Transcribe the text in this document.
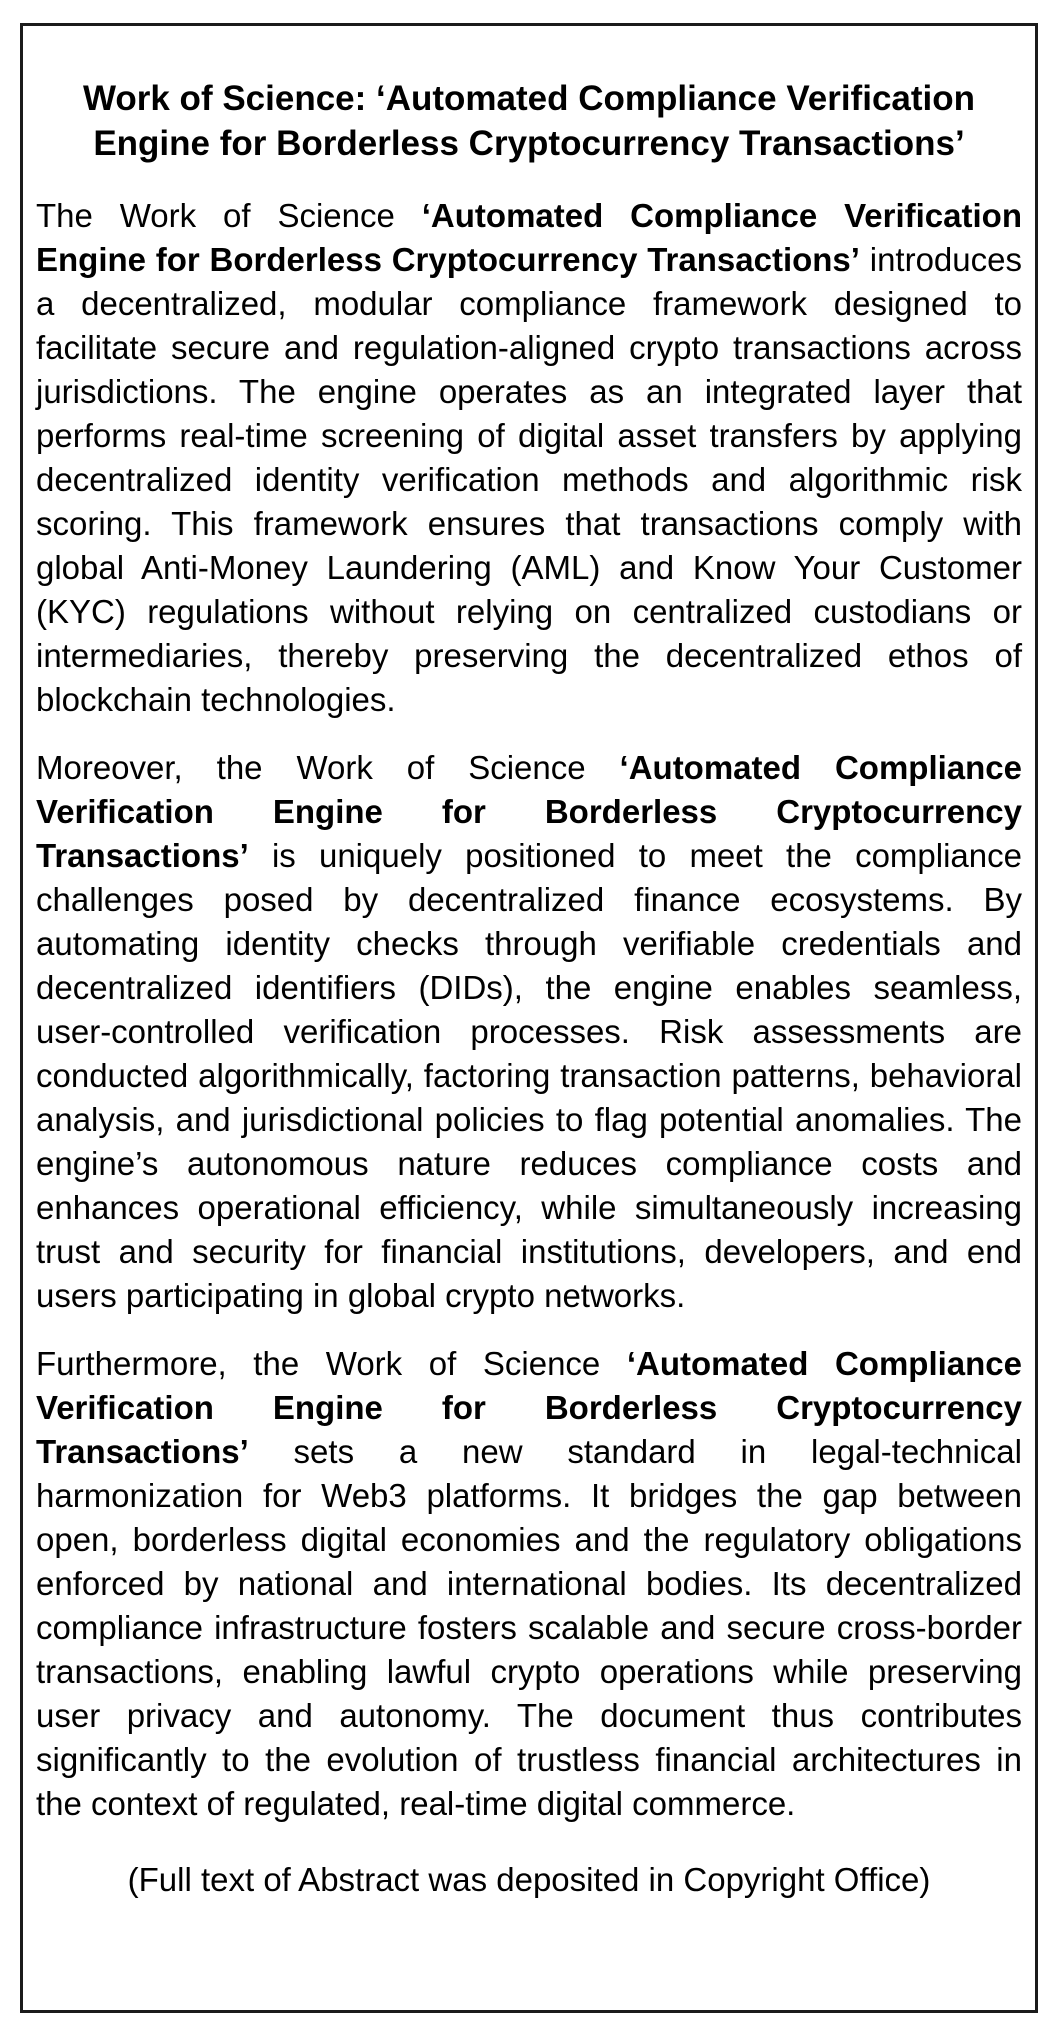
Work of Science: ‘Automated Compliance Verification Engine for Borderless Cryptocurrency Transactions’

The Work of Science ‘Automated Compliance Verification Engine for Borderless Cryptocurrency Transactions’ introduces a decentralized, modular compliance framework designed to facilitate secure and regulation-aligned crypto transactions across jurisdictions. The engine operates as an integrated layer that performs real-time screening of digital asset transfers by applying decentralized identity verification methods and algorithmic risk scoring. This framework ensures that transactions comply with global Anti-Money Laundering (AML) and Know Your Customer (KYC) regulations without relying on centralized custodians or intermediaries, thereby preserving the decentralized ethos of blockchain technologies.

Moreover, the Work of Science ‘Automated Compliance Verification Engine for Borderless Cryptocurrency Transactions’ is uniquely positioned to meet the compliance challenges posed by decentralized finance ecosystems. By automating identity checks through verifiable credentials and decentralized identifiers (DIDs), the engine enables seamless, user-controlled verification processes. Risk assessments are conducted algorithmically, factoring transaction patterns, behavioral analysis, and jurisdictional policies to flag potential anomalies. The engine’s autonomous nature reduces compliance costs and enhances operational efficiency, while simultaneously increasing trust and security for financial institutions, developers, and end users participating in global crypto networks.

Furthermore, the Work of Science ‘Automated Compliance Verification Engine for Borderless Cryptocurrency Transactions’ sets a new standard in legal-technical harmonization for Web3 platforms. It bridges the gap between open, borderless digital economies and the regulatory obligations enforced by national and international bodies. Its decentralized compliance infrastructure fosters scalable and secure cross-border transactions, enabling lawful crypto operations while preserving user privacy and autonomy. The document thus contributes significantly to the evolution of trustless financial architectures in the context of regulated, real-time digital commerce.

(Full text of Abstract was deposited in Copyright Office)
